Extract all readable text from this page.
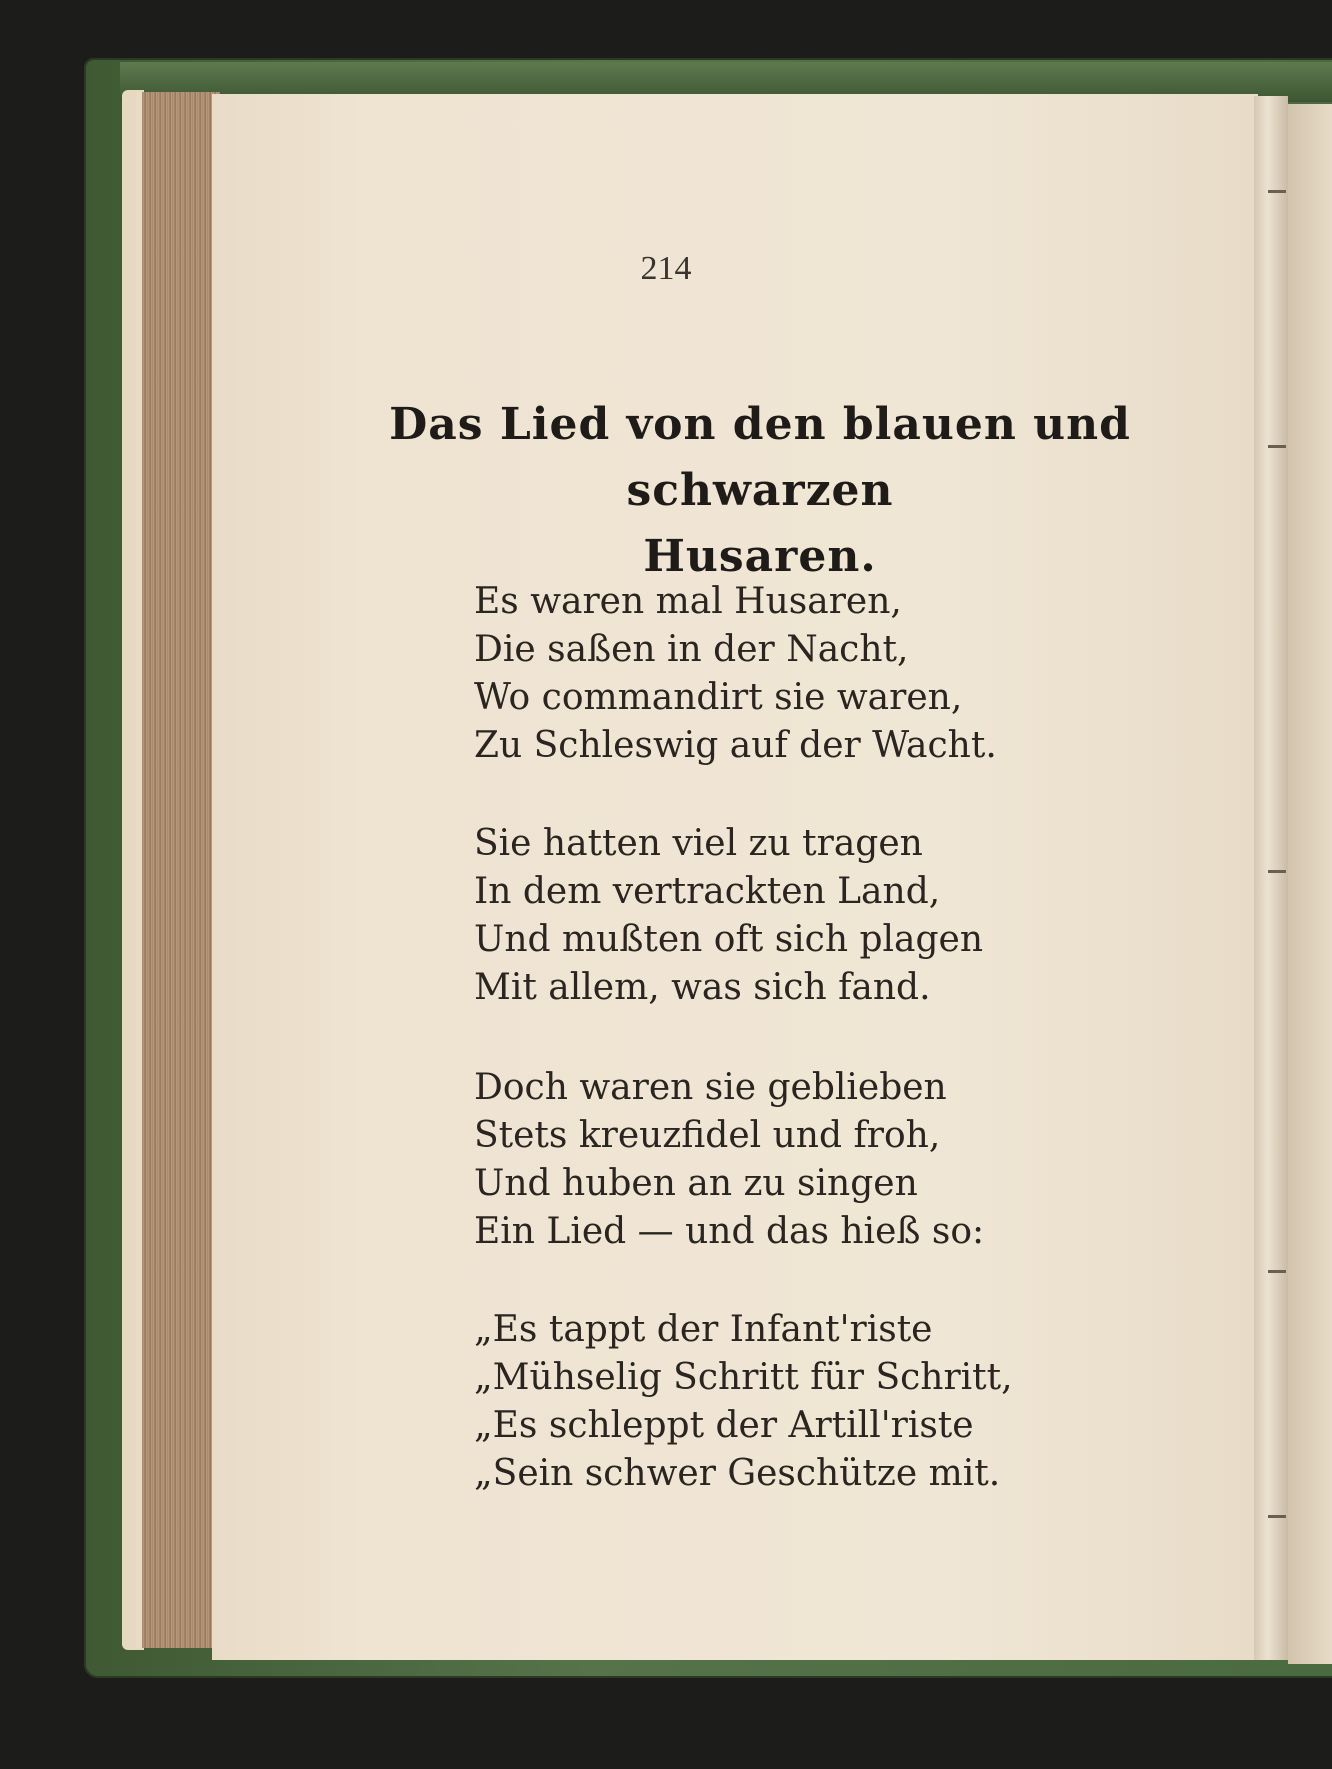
214
Das Lied von den blauen und schwarzen
Husaren.
Es waren mal Husaren,
Die saßen in der Nacht,
Wo commandirt sie waren,
Zu Schleswig auf der Wacht.
Sie hatten viel zu tragen
In dem vertrackten Land,
Und mußten oft sich plagen
Mit allem, was sich fand.
Doch waren sie geblieben
Stets kreuzfidel und froh,
Und huben an zu singen
Ein Lied — und das hieß so:
„Es tappt der Infant'riste
„Mühselig Schritt für Schritt,
„Es schleppt der Artill'riste
„Sein schwer Geschütze mit.
